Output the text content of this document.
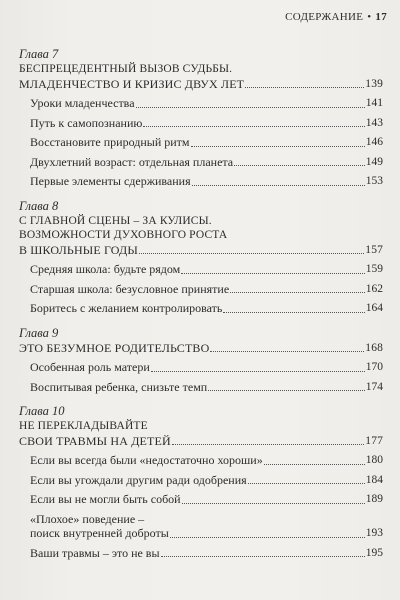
СОДЕРЖАНИЕ • 17
Глава 7
БЕСПРЕЦЕДЕНТНЫЙ ВЫЗОВ СУДЬБЫ.
МЛАДЕНЧЕСТВО И КРИЗИС ДВУХ ЛЕТ	139
Уроки младенчества	141
Путь к самопознанию	143
Восстановите природный ритм	146
Двухлетний возраст: отдельная планета	149
Первые элементы сдерживания	153
Глава 8
С ГЛАВНОЙ СЦЕНЫ – ЗА КУЛИСЫ.
ВОЗМОЖНОСТИ ДУХОВНОГО РОСТА
В ШКОЛЬНЫЕ ГОДЫ	157
Средняя школа: будьте рядом	159
Старшая школа: безусловное принятие	162
Боритесь с желанием контролировать	164
Глава 9
ЭТО БЕЗУМНОЕ РОДИТЕЛЬСТВО	168
Особенная роль матери	170
Воспитывая ребенка, снизьте темп	174
Глава 10
НЕ ПЕРЕКЛАДЫВАЙТЕ
СВОИ ТРАВМЫ НА ДЕТЕЙ	177
Если вы всегда были «недостаточно хороши»	180
Если вы угождали другим ради одобрения	184
Если вы не могли быть собой	189
«Плохое» поведение –
поиск внутренней доброты	193
Ваши травмы – это не вы	195
